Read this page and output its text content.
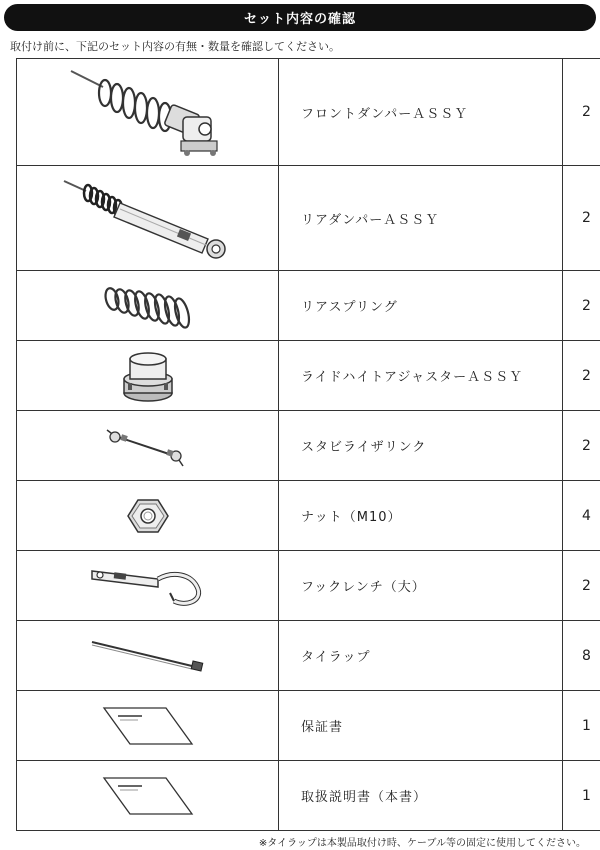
セット内容の確認
取付け前に、下記のセット内容の有無・数量を確認してください。
	フロントダンパーＡＳＳＹ	2

	リアダンパーＡＳＳＹ	2

	リアスプリング	2

	ライドハイトアジャスターＡＳＳＹ	2

	スタビライザリンク	2

	ナット（M10）	4

	フックレンチ（大）	2

	タイラップ	8

	保証書	1

	取扱説明書（本書）	1
※タイラップは本製品取付け時、ケーブル等の固定に使用してください。
